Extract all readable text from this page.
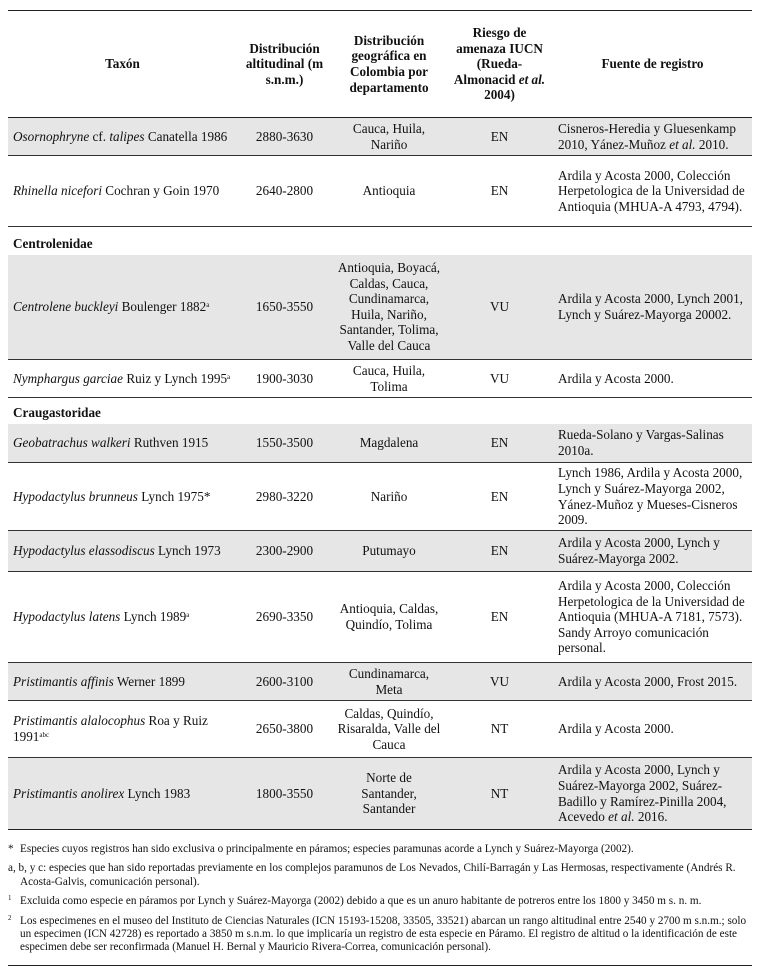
Taxón	Distribución altitudinal (m s.n.m.)	Distribución geográfica en Colombia por departamento	Riesgo de amenaza IUCN (Rueda-Almonacid et al. 2004)	Fuente de registro
Osornophryne cf. talipes Canatella 1986	2880-3630	Cauca, Huila, Nariño	EN	Cisneros-Heredia y Gluesenkamp 2010, Yánez-Muñoz et al. 2010.
Rhinella nicefori Cochran y Goin 1970	2640-2800	Antioquia	EN	Ardila y Acosta 2000, Colección Herpetologica de la Universidad de Antioquia (MHUA-A 4793, 4794).
Centrolenidae				
Centrolene buckleyi Boulenger 1882$^a$	1650-3550	Antioquia, Boyacá, Caldas, Cauca, Cundinamarca, Huila, Nariño, Santander, Tolima, Valle del Cauca	VU	Ardila y Acosta 2000, Lynch 2001, Lynch y Suárez-Mayorga 20002.
Nymphargus garciae Ruiz y Lynch 1995$^a$	1900-3030	Cauca, Huila, Tolima	VU	Ardila y Acosta 2000.
Craugastoridae				
Geobatrachus walkeri Ruthven 1915	1550-3500	Magdalena	EN	Rueda-Solano y Vargas-Salinas 2010a.
Hypodactylus brunneus Lynch 1975*	2980-3220	Nariño	EN	Lynch 1986, Ardila y Acosta 2000, Lynch y Suárez-Mayorga 2002, Yánez-Muñoz y Mueses-Cisneros 2009.
Hypodactylus elassodiscus Lynch 1973	2300-2900	Putumayo	EN	Ardila y Acosta 2000, Lynch y Suárez-Mayorga 2002.
Hypodactylus latens Lynch 1989$^a$	2690-3350	Antioquia, Caldas, Quindío, Tolima	EN	Ardila y Acosta 2000, Colección Herpetologica de la Universidad de Antioquia (MHUA-A 7181, 7573). Sandy Arroyo comunicación personal.
Pristimantis affinis Werner 1899	2600-3100	Cundinamarca, Meta	VU	Ardila y Acosta 2000, Frost 2015.
Pristimantis alalocophus Roa y Ruiz $1991^{abc}$	2650-3800	Caldas, Quindío, Risaralda, Valle del Cauca	NT	Ardila y Acosta 2000.
Pristimantis anolirex Lynch 1983	1800-3550	Norte de Santander, Santander	NT	Ardila y Acosta 2000, Lynch y Suárez-Mayorga 2002, Suárez-Badillo y Ramírez-Pinilla 2004, Acevedo et al. 2016.
* Especies cuyos registros han sido exclusiva o principalmente en páramos; especies paramunas acorde a Lynch y Suárez-Mayorga (2002).
a, b, y c: especies que han sido reportadas previamente en los complejos paramunos de Los Nevados, Chilí-Barragán y Las Hermosas, respectivamente (Andrés R. Acosta-Galvis, comunicación personal).
$^1$ Excluida como especie en páramos por Lynch y Suárez-Mayorga (2002) debido a que es un anuro habitante de potreros entre los 1800 y 3450 m s. n. m.
$^2$ Los especimenes en el museo del Instituto de Ciencias Naturales (ICN 15193-15208, 33505, 33521) abarcan un rango altitudinal entre 2540 y 2700 m s.n.m.; solo un especimen (ICN 42728) es reportado a 3850 m s.n.m. lo que implicaría un registro de esta especie en Páramo. El registro de altitud o la identificación de este especimen debe ser reconfirmada (Manuel H. Bernal y Mauricio Rivera-Correa, comunicación personal).
